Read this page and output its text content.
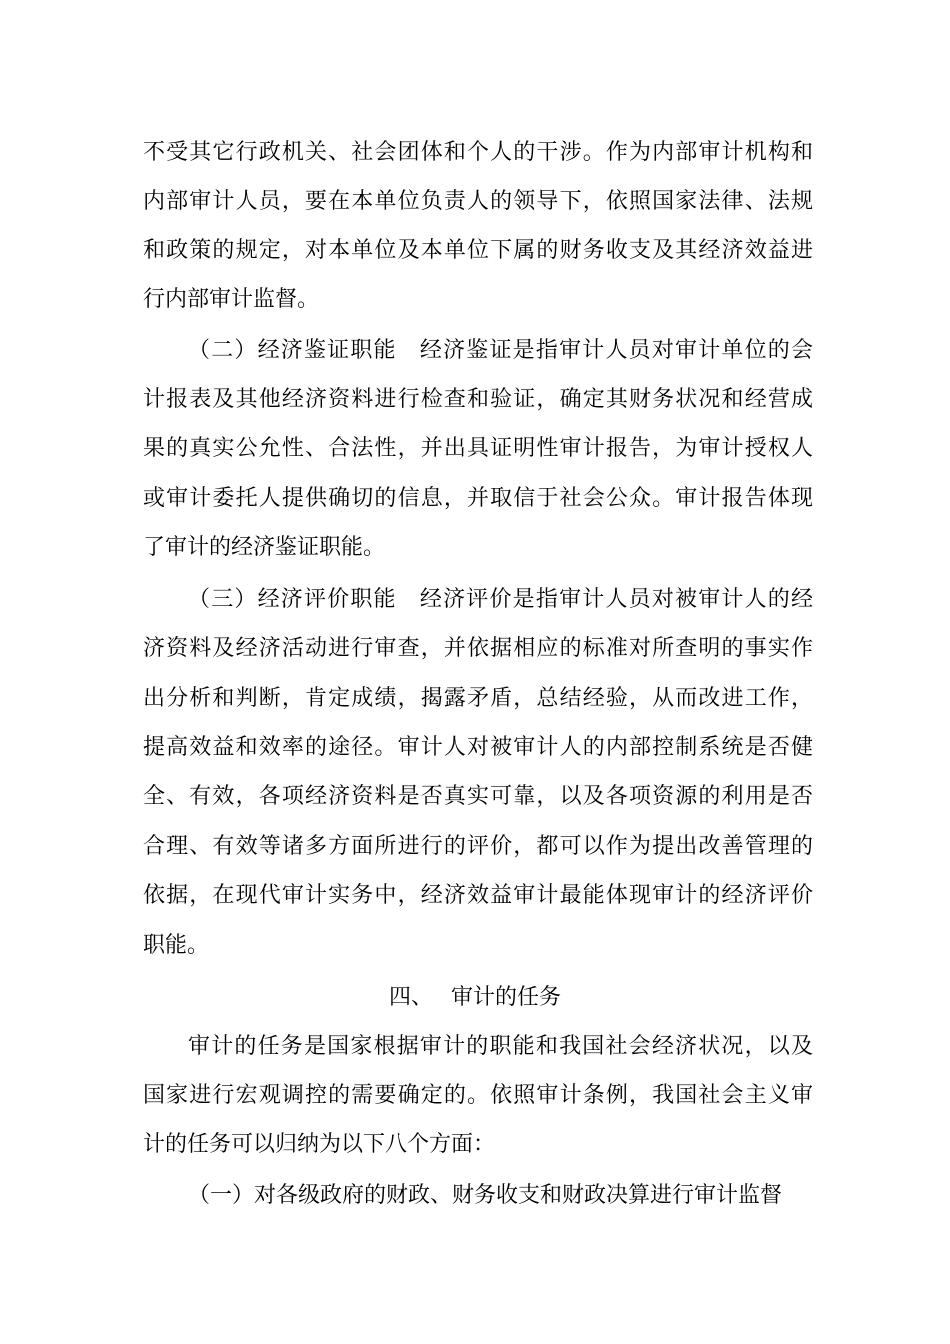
不受其它行政机关、社会团体和个人的干涉。作为内部审计机构和
内部审计人员，要在本单位负责人的领导下，依照国家法律、法规
和政策的规定，对本单位及本单位下属的财务收支及其经济效益进
行内部审计监督。
（二）经济鉴证职能　经济鉴证是指审计人员对审计单位的会
计报表及其他经济资料进行检查和验证，确定其财务状况和经营成
果的真实公允性、合法性，并出具证明性审计报告，为审计授权人
或审计委托人提供确切的信息，并取信于社会公众。审计报告体现
了审计的经济鉴证职能。
（三）经济评价职能　经济评价是指审计人员对被审计人的经
济资料及经济活动进行审查，并依据相应的标准对所查明的事实作
出分析和判断，肯定成绩，揭露矛盾，总结经验，从而改进工作，
提高效益和效率的途径。审计人对被审计人的内部控制系统是否健
全、有效，各项经济资料是否真实可靠，以及各项资源的利用是否
合理、有效等诸多方面所进行的评价，都可以作为提出改善管理的
依据，在现代审计实务中，经济效益审计最能体现审计的经济评价
职能。
四、　 审计的任务
审计的任务是国家根据审计的职能和我国社会经济状况，以及
国家进行宏观调控的需要确定的。依照审计条例，我国社会主义审
计的任务可以归纳为以下八个方面：
（一）对各级政府的财政、财务收支和财政决算进行审计监督
